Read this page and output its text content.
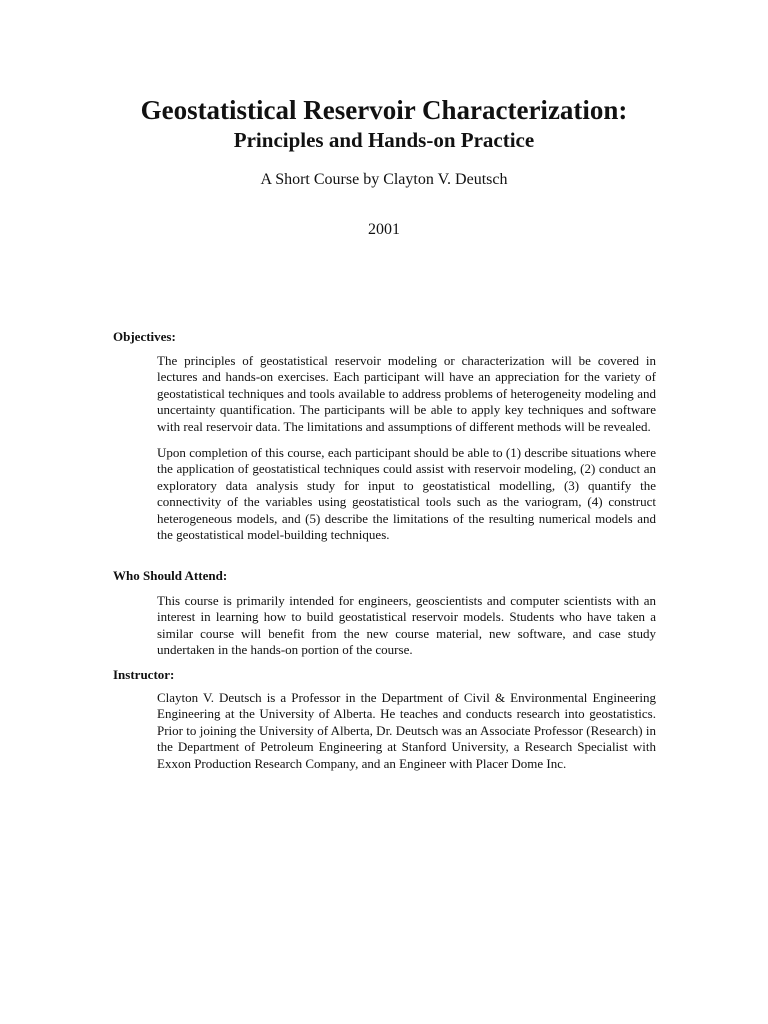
Geostatistical Reservoir Characterization:
Principles and Hands-on Practice

A Short Course by Clayton V. Deutsch

2001

Objectives:

The principles of geostatistical reservoir modeling or characterization will be covered in lectures and hands-on exercises. Each participant will have an appreciation for the variety of geostatistical techniques and tools available to address problems of heterogeneity modeling and uncertainty quantification. The participants will be able to apply key techniques and software with real reservoir data. The limitations and assumptions of different methods will be revealed.

Upon completion of this course, each participant should be able to (1) describe situations where the application of geostatistical techniques could assist with reservoir modeling, (2) conduct an exploratory data analysis study for input to geostatistical modelling, (3) quantify the connectivity of the variables using geostatistical tools such as the variogram, (4) construct heterogeneous models, and (5) describe the limitations of the resulting numerical models and the geostatistical model-building techniques.

Who Should Attend:

This course is primarily intended for engineers, geoscientists and computer scientists with an interest in learning how to build geostatistical reservoir models. Students who have taken a similar course will benefit from the new course material, new software, and case study undertaken in the hands-on portion of the course.

Instructor:

Clayton V. Deutsch is a Professor in the Department of Civil & Environmental Engineering Engineering at the University of Alberta. He teaches and conducts research into geostatistics. Prior to joining the University of Alberta, Dr. Deutsch was an Associate Professor (Research) in the Department of Petroleum Engineering at Stanford University, a Research Specialist with Exxon Production Research Company, and an Engineer with Placer Dome Inc.
